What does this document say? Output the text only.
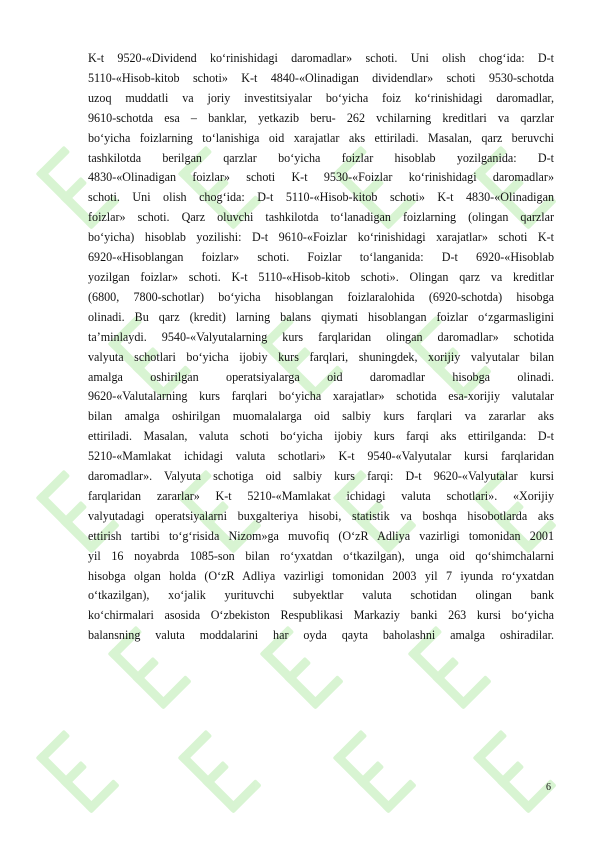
K-t 9520-«Dividend ko‘rinishidagi daromadlar» schoti. Uni olish chog‘ida: D-t
5110-«Hisob-kitob schoti» K-t 4840-«Olinadigan dividendlar» schoti 9530-schotda
uzoq muddatli va joriy investitsiyalar bo‘yicha foiz ko‘rinishidagi daromadlar,
9610-schotda esa – banklar, yetkazib beru- 262 vchilarning kreditlari va qarzlar
bo‘yicha foizlarning to‘lanishiga oid xarajatlar aks ettiriladi. Masalan, qarz beruvchi
tashkilotda berilgan qarzlar bo‘yicha foizlar hisoblab yozilganida: D-t
4830-«Olinadigan foizlar» schoti K-t 9530-«Foizlar ko‘rinishidagi daromadlar»
schoti. Uni olish chog‘ida: D-t 5110-«Hisob-kitob schoti» K-t 4830-«Olinadigan
foizlar» schoti. Qarz oluvchi tashkilotda to‘lanadigan foizlarning (olingan qarzlar
bo‘yicha) hisoblab yozilishi: D-t 9610-«Foizlar ko‘rinishidagi xarajatlar» schoti K-t
6920-«Hisoblangan foizlar» schoti. Foizlar to‘langanida: D-t 6920-«Hisoblab
yozilgan foizlar» schoti. K-t 5110-«Hisob-kitob schoti». Olingan qarz va kreditlar
(6800, 7800-schotlar) bo‘yicha hisoblangan foizlaralohida (6920-schotda) hisobga
olinadi. Bu qarz (kredit) larning balans qiymati hisoblangan foizlar o‘zgarmasligini
ta’minlaydi. 9540-«Valyutalarning kurs farqlaridan olingan daromadlar» schotida
valyuta schotlari bo‘yicha ijobiy kurs farqlari, shuningdek, xorijiy valyutalar bilan
amalga oshirilgan operatsiyalarga oid daromadlar hisobga olinadi.
9620-«Valutalarning kurs farqlari bo‘yicha xarajatlar» schotida esa-xorijiy valutalar
bilan amalga oshirilgan muomalalarga oid salbiy kurs farqlari va zararlar aks
ettiriladi. Masalan, valuta schoti bo‘yicha ijobiy kurs farqi aks ettirilganda: D-t
5210-«Mamlakat ichidagi valuta schotlari» K-t 9540-«Valyutalar kursi farqlaridan
daromadlar». Valyuta schotiga oid salbiy kurs farqi: D-t 9620-«Valyutalar kursi
farqlaridan zararlar» K-t 5210-«Mamlakat ichidagi valuta schotlari». «Xorijiy
valyutadagi operatsiyalarni buxgalteriya hisobi, statistik va boshqa hisobotlarda aks
ettirish tartibi to‘g‘risida Nizom»ga muvofiq (O‘zR Adliya vazirligi tomonidan 2001
yil 16 noyabrda 1085-son bilan ro‘yxatdan o‘tkazilgan), unga oid qo‘shimchalarni
hisobga olgan holda (O‘zR Adliya vazirligi tomonidan 2003 yil 7 iyunda ro‘yxatdan
o‘tkazilgan), xo‘jalik yurituvchi subyektlar valuta schotidan olingan bank
ko‘chirmalari asosida O‘zbekiston Respublikasi Markaziy banki 263 kursi bo‘yicha
balansning valuta moddalarini har oyda qayta baholashni amalga oshiradilar.
6
